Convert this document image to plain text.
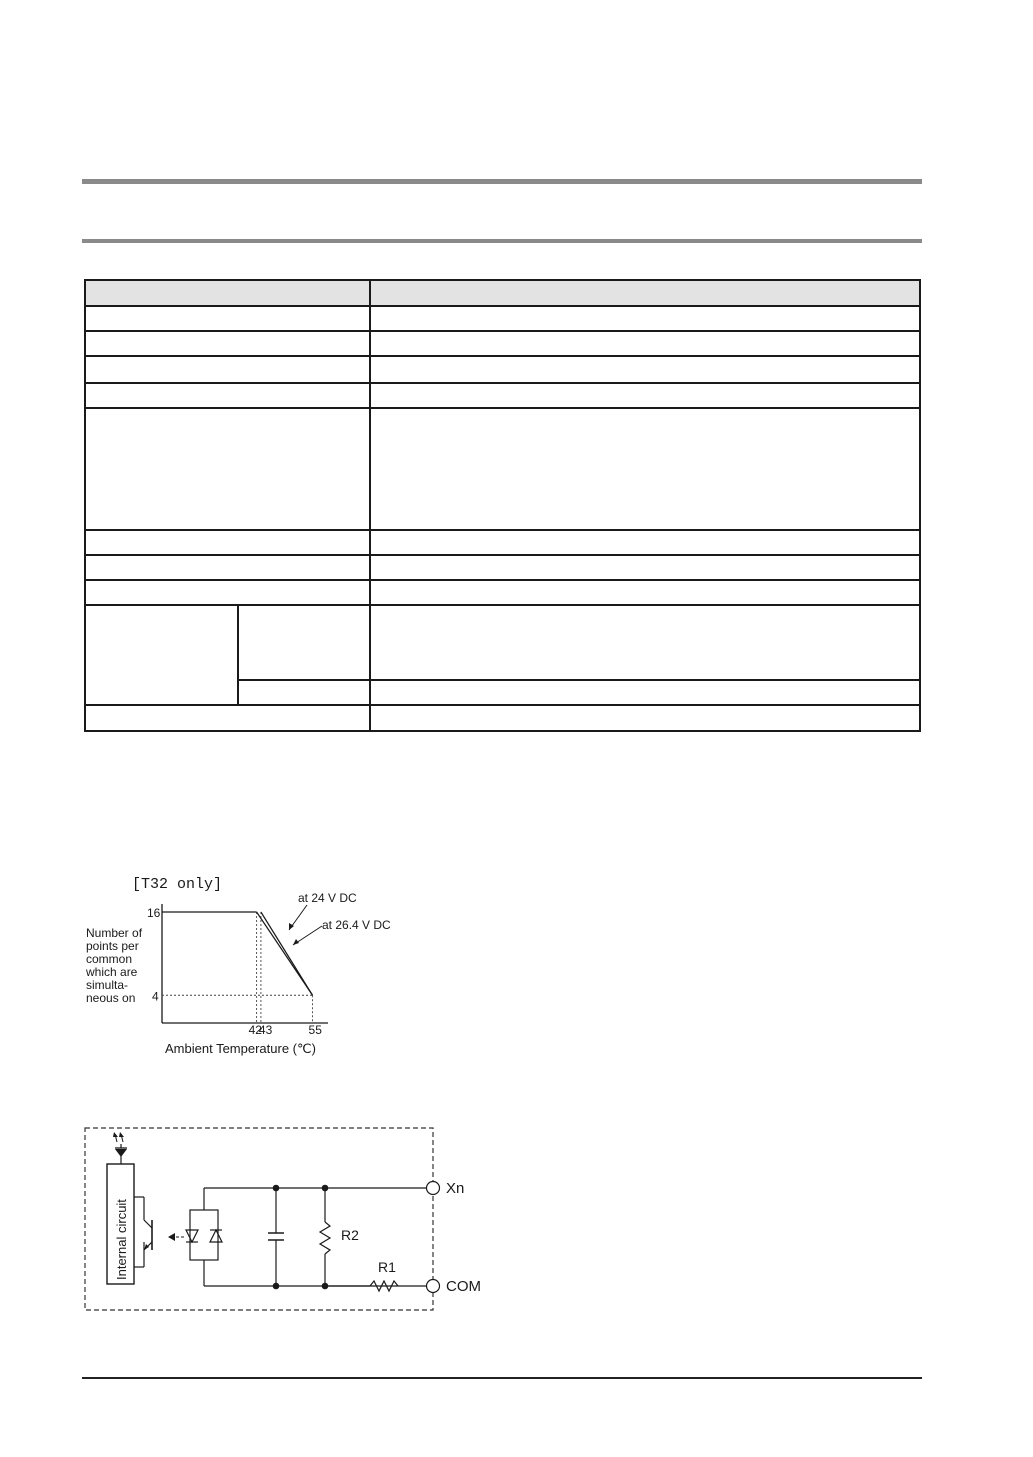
[T32 only]
Number of
points per
common
which are
simulta-
neous on
16
4
42
43	55
Ambient Temperature (℃)
at 24 V DC
at 26.4 V DC
Internal circuit	R2
R1
Xn
COM
